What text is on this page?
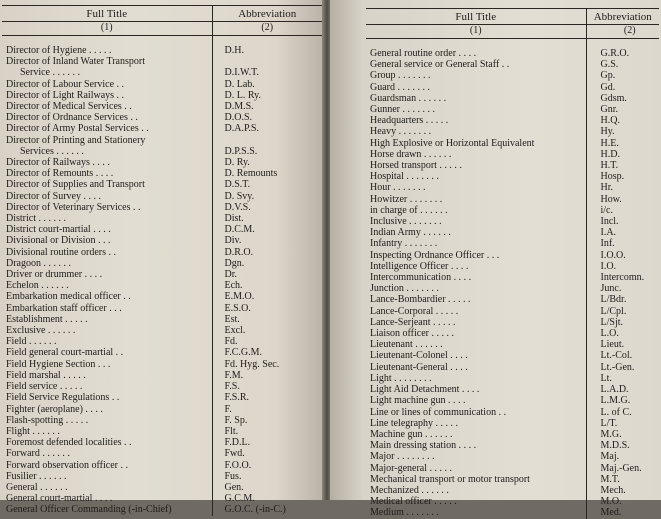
Full Title	Abbreviation
(1)	(2)

Director of Hygiene . . . . .	D.H.

Director of Inland Water Transport
Service . . . . . .	D.I.W.T.

Director of Labour Service . .	D. Lab.

Director of Light Railways . .	D. L. Ry.

Director of Medical Services . .	D.M.S.

Director of Ordnance Services . .	D.O.S.

Director of Army Postal Services . .	D.A.P.S.

Director of Printing and Stationery
Services . . . . . .	D.P.S.S.

Director of Railways . . . .	D. Ry.

Director of Remounts . . . .	D. Remounts

Director of Supplies and Transport	D.S.T.

Director of Survey . . . .	D. Svy.

Director of Veterinary Services . .	D.V.S.

District . . . . . .	Dist.

District court-martial . . . .	D.C.M.

Divisional or Division . . .	Div.

Divisional routine orders . .	D.R.O.

Dragoon . . . . . .	Dgn.

Driver or drummer . . . .	Dr.

Echelon . . . . . .	Ech.

Embarkation medical officer . .	E.M.O.

Embarkation staff officer . . .	E.S.O.

Establishment . . . . .	Est.

Exclusive . . . . . .	Excl.

Field . . . . . .	Fd.

Field general court-martial . .	F.C.G.M.

Field Hygiene Section . . .	Fd. Hyg. Sec.

Field marshal . . . . .	F.M.

Field service . . . . .	F.S.

Field Service Regulations . .	F.S.R.

Fighter (aeroplane) . . . .	F.

Flash-spotting . . . . .	F. Sp.

Flight . . . . . .	Flt.

Foremost defended localities . .	F.D.L.

Forward . . . . . .	Fwd.

Forward observation officer . .	F.O.O.

Fusilier . . . . . .	Fus.

General . . . . . .	Gen.

General court-martial . . . .	G.C.M.

General Officer Commanding (-in-Chief)	G.O.C. (-in-C.)
Full Title	Abbreviation
(1)	(2)

General routine order . . . .	G.R.O.

General service or General Staff . .	G.S.

Group . . . . . . .	Gp.

Guard . . . . . . .	Gd.

Guardsman . . . . . .	Gdsm.

Gunner . . . . . . .	Gnr.

Headquarters . . . . .	H.Q.

Heavy . . . . . . .	Hy.

High Explosive or Horizontal Equivalent	H.E.

Horse drawn . . . . . .	H.D.

Horsed transport . . . . .	H.T.

Hospital . . . . . . .	Hosp.

Hour . . . . . . .	Hr.

Howitzer . . . . . . .	How.

in charge of . . . . . .	i/c.

Inclusive . . . . . . .	Incl.

Indian Army . . . . . .	I.A.

Infantry . . . . . . .	Inf.

Inspecting Ordnance Officer . . .	I.O.O.

Intelligence Officer . . . .	I.O.

Intercommunication . . . .	Intercomn.

Junction . . . . . . .	Junc.

Lance-Bombardier . . . . .	L/Bdr.

Lance-Corporal . . . . .	L/Cpl.

Lance-Serjeant . . . . .	L/Sjt.

Liaison officer . . . . .	L.O.

Lieutenant . . . . . .	Lieut.

Lieutenant-Colonel . . . .	Lt.-Col.

Lieutenant-General . . . .	Lt.-Gen.

Light . . . . . . . .	Lt.

Light Aid Detachment . . . .	L.A.D.

Light machine gun . . . .	L.M.G.

Line or lines of communication . .	L. of C.

Line telegraphy . . . . .	L/T.

Machine gun . . . . . .	M.G.

Main dressing station . . . .	M.D.S.

Major . . . . . . . .	Maj.

Major-general . . . . .	Maj.-Gen.

Mechanical transport or motor transport	M.T.

Mechanized . . . . . .	Mech.

Medical officer . . . . .	M.O.

Medium . . . . . . .	Med.
